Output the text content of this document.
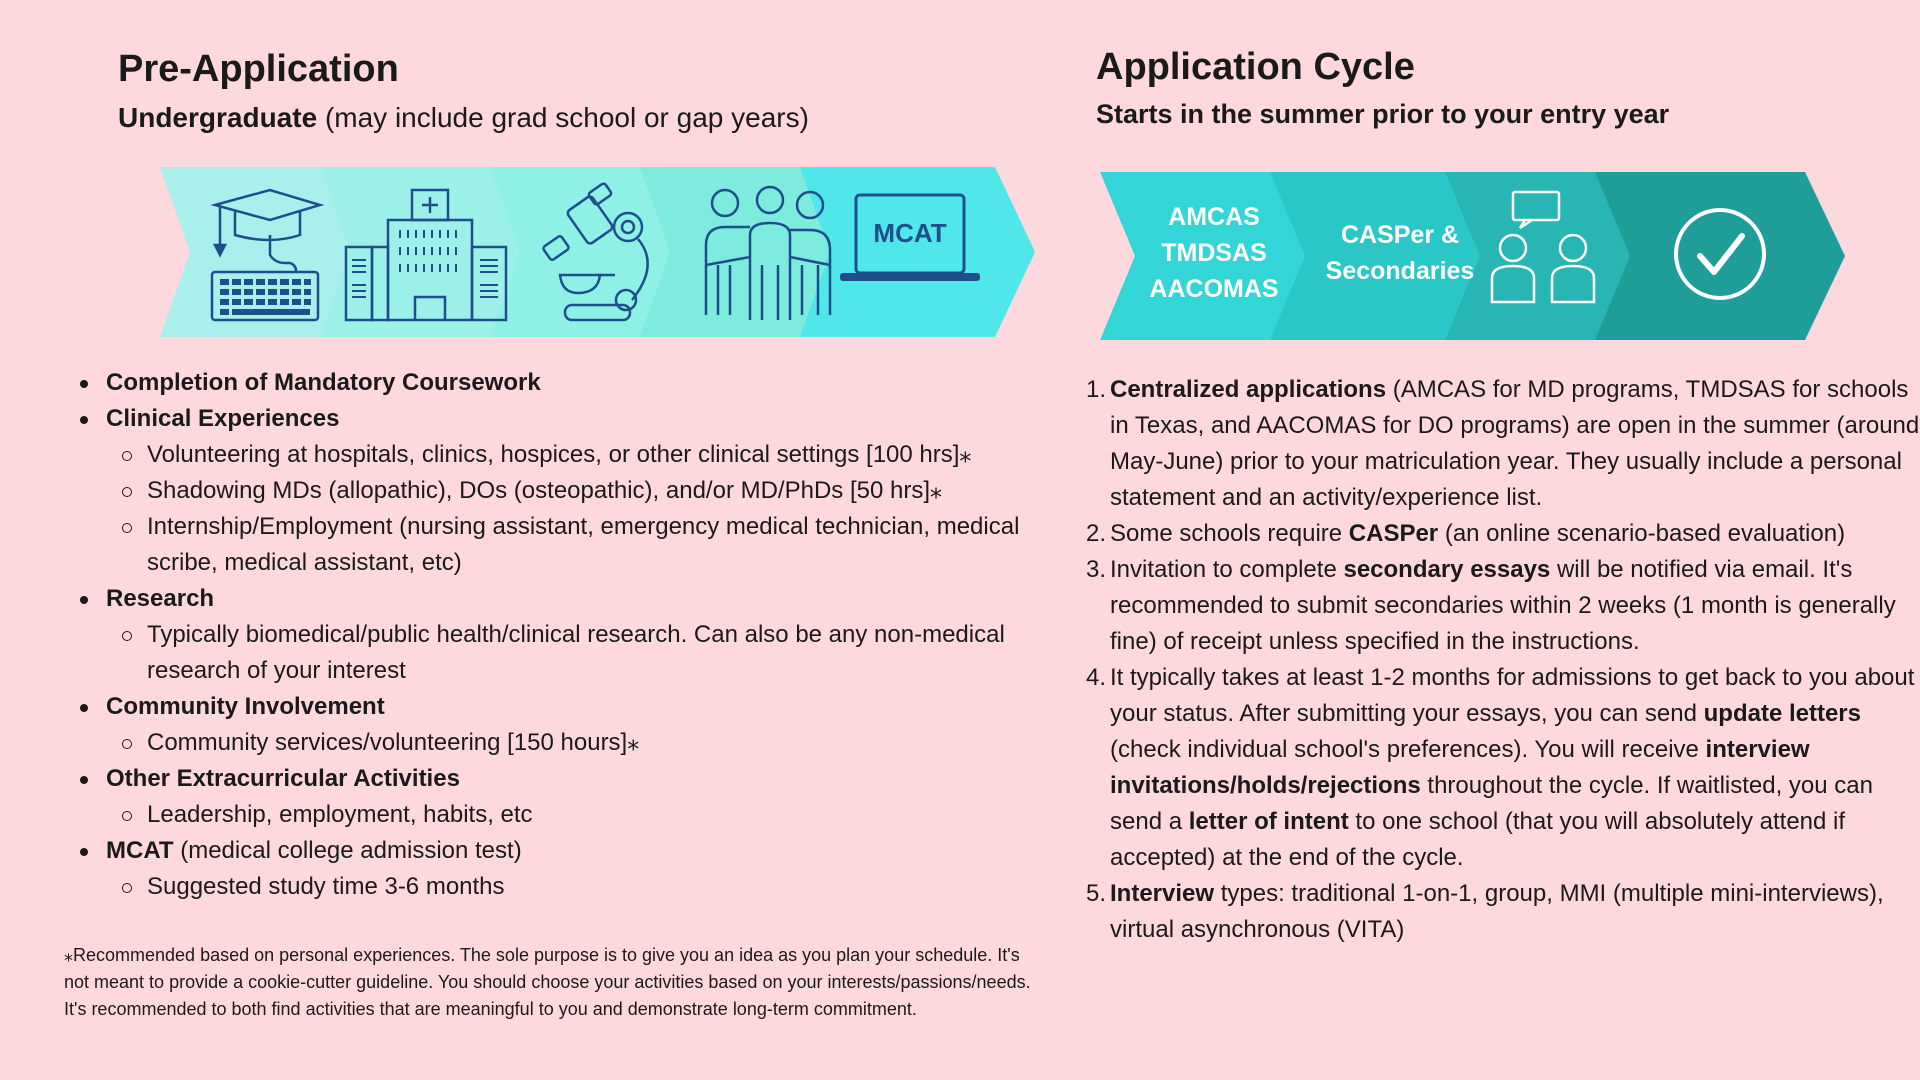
Pre-Application
Undergraduate (may include grad school or gap years)
MCAT
Completion of Mandatory Coursework
Clinical Experiences
Volunteering at hospitals, clinics, hospices, or other clinical settings [100 hrs]⁎
Shadowing MDs (allopathic), DOs (osteopathic), and/or MD/PhDs [50 hrs]⁎
Internship/Employment (nursing assistant, emergency medical technician, medical scribe, medical assistant, etc)
Research
Typically biomedical/public health/clinical research. Can also be any non-medical research of your interest
Community Involvement
Community services/volunteering [150 hours]⁎
Other Extracurricular Activities
Leadership, employment, habits, etc
MCAT (medical college admission test)
Suggested study time 3-6 months

⁎Recommended based on personal experiences. The sole purpose is to give you an idea as you plan your schedule. It's not meant to provide a cookie-cutter guideline. You should choose your activities based on your interests/passions/needs. It's recommended to both find activities that are meaningful to you and demonstrate long-term commitment.

Application Cycle
Starts in the summer prior to your entry year
AMCAS
TMDSAS
AACOMAS
CASPer &
Secondaries
1. Centralized applications (AMCAS for MD programs, TMDSAS for schools in Texas, and AACOMAS for DO programs) are open in the summer (around May-June) prior to your matriculation year. They usually include a personal statement and an activity/experience list.
2. Some schools require CASPer (an online scenario-based evaluation)
3. Invitation to complete secondary essays will be notified via email. It's recommended to submit secondaries within 2 weeks (1 month is generally fine) of receipt unless specified in the instructions.
4. It typically takes at least 1-2 months for admissions to get back to you about your status. After submitting your essays, you can send update letters (check individual school's preferences). You will receive interview invitations/holds/rejections throughout the cycle. If waitlisted, you can send a letter of intent to one school (that you will absolutely attend if accepted) at the end of the cycle.
5. Interview types: traditional 1-on-1, group, MMI (multiple mini-interviews), virtual asynchronous (VITA)
